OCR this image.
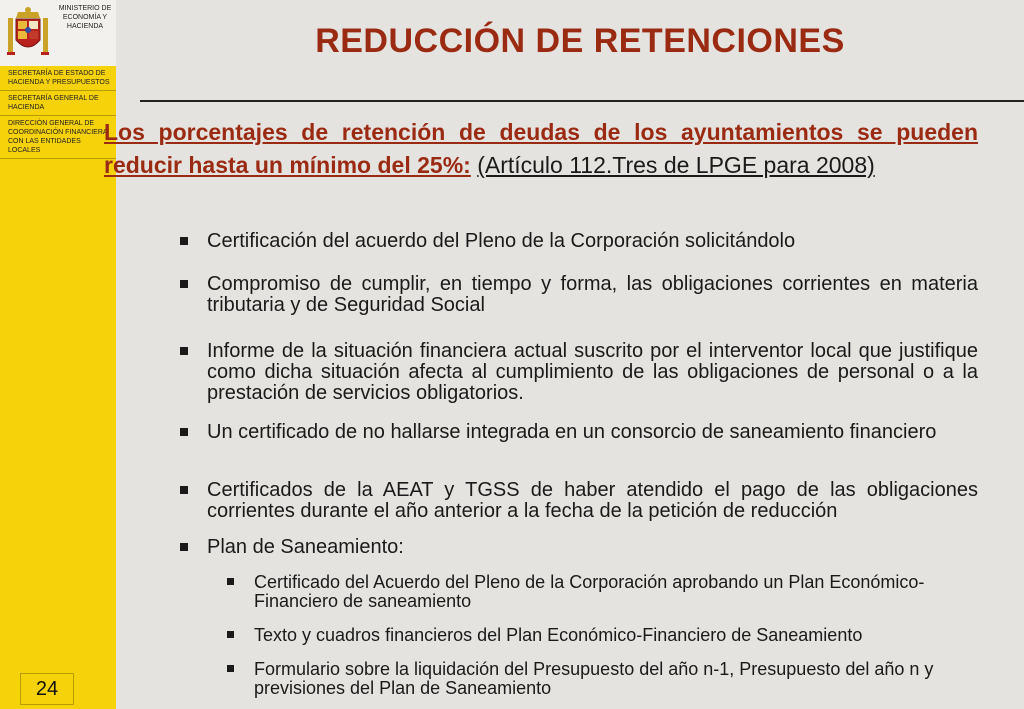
MINISTERIO DE ECONOMÍA Y HACIENDA
SECRETARÍA DE ESTADO DE HACIENDA Y PRESUPUESTOS
SECRETARÍA GENERAL DE HACIENDA
DIRECCIÓN GENERAL DE COORDINACIÓN FINANCIERA CON LAS ENTIDADES LOCALES
24
REDUCCIÓN DE RETENCIONES
Los porcentajes de retención de deudas de los ayuntamientos se pueden reducir hasta un mínimo del 25%: (Artículo 112.Tres de LPGE para 2008)
Certificación del acuerdo del Pleno de la Corporación solicitándolo
Compromiso de cumplir, en tiempo y forma, las obligaciones corrientes en materia tributaria y de Seguridad Social
Informe de la situación financiera actual suscrito por el interventor local que justifique como dicha situación afecta al cumplimiento de las obligaciones de personal o a la prestación de servicios obligatorios.
Un certificado de no hallarse integrada en un consorcio de saneamiento financiero
Certificados de la AEAT y TGSS de haber atendido el pago de las obligaciones corrientes durante el año anterior a la fecha de la petición de reducción
Plan de Saneamiento:
Certificado del Acuerdo del Pleno de la Corporación aprobando un Plan Económico-Financiero de saneamiento
Texto y cuadros financieros del Plan Económico-Financiero de Saneamiento
Formulario sobre la liquidación del Presupuesto del año n-1, Presupuesto del año n y previsiones del Plan de Saneamiento
